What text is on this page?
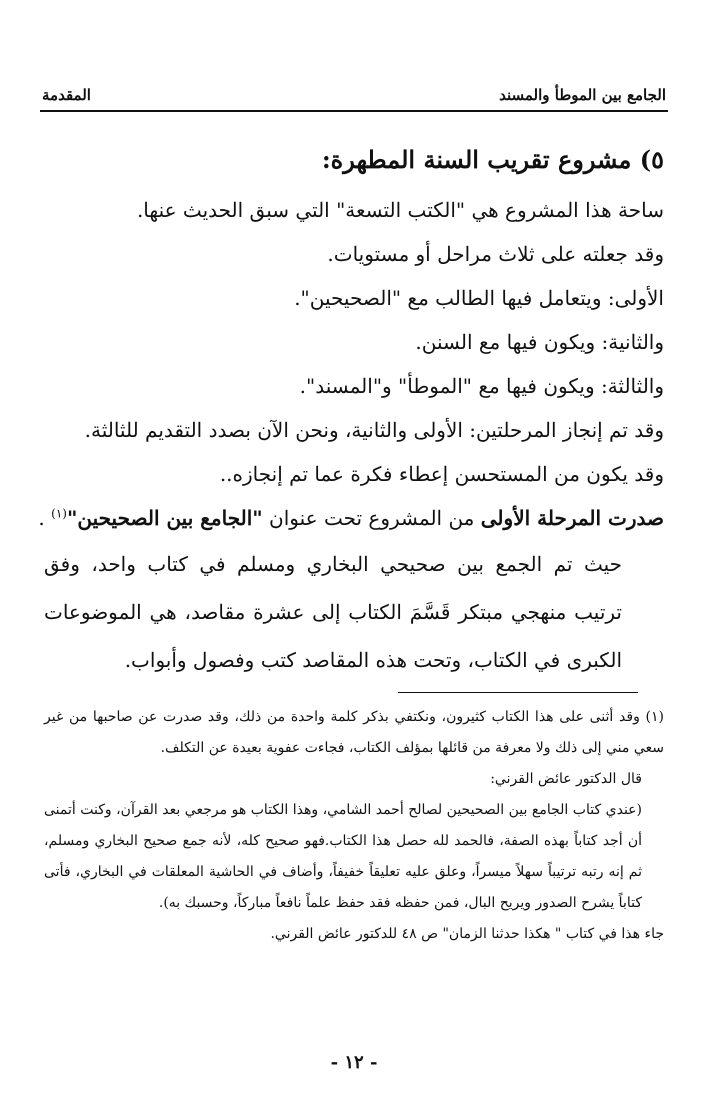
الجامع بين الموطأ والمسند
المقدمة

٥) مشروع تقريب السنة المطهرة:

ساحة هذا المشروع هي "الكتب التسعة" التي سبق الحديث عنها.

وقد جعلته على ثلاث مراحل أو مستويات.

الأولى: ويتعامل فيها الطالب مع "الصحيحين".

والثانية: ويكون فيها مع السنن.

والثالثة: ويكون فيها مع "الموطأ" و"المسند".

وقد تم إنجاز المرحلتين: الأولى والثانية، ونحن الآن بصدد التقديم للثالثة.

وقد يكون من المستحسن إعطاء فكرة عما تم إنجازه..

صدرت المرحلة الأولى من المشروع تحت عنوان "الجامع بين الصحيحين"$^{(١)}$ .

حيث تم الجمع بين صحيحي البخاري ومسلم في كتاب واحد، وفق ترتيب منهجي مبتكر قَسَّمَ الكتاب إلى عشرة مقاصد، هي الموضوعات الكبرى في الكتاب، وتحت هذه المقاصد كتب وفصول وأبواب.

(١) وقد أثنى على هذا الكتاب كثيرون، ونكتفي بذكر كلمة واحدة من ذلك، وقد صدرت عن صاحبها من غير سعي مني إلى ذلك ولا معرفة من قائلها بمؤلف الكتاب، فجاءت عفوية بعيدة عن التكلف.

قال الدكتور عائض القرني:

(عندي كتاب الجامع بين الصحيحين لصالح أحمد الشامي، وهذا الكتاب هو مرجعي بعد القرآن، وكنت أتمنى أن أجد كتاباً بهذه الصفة، فالحمد لله حصل هذا الكتاب.فهو صحيح كله، لأنه جمع صحيح البخاري ومسلم، ثم إنه رتبه ترتيباً سهلاً ميسراً، وعلق عليه تعليقاً خفيفاً، وأضاف في الحاشية المعلقات في البخاري، فأتى كتاباً يشرح الصدور ويريح البال، فمن حفظه فقد حفظ علماً نافعاً مباركاً، وحسبك به).

جاء هذا في كتاب " هكذا حدثنا الزمان" ص ٤٨ للدكتور عائض القرني.

- ١٢ -
